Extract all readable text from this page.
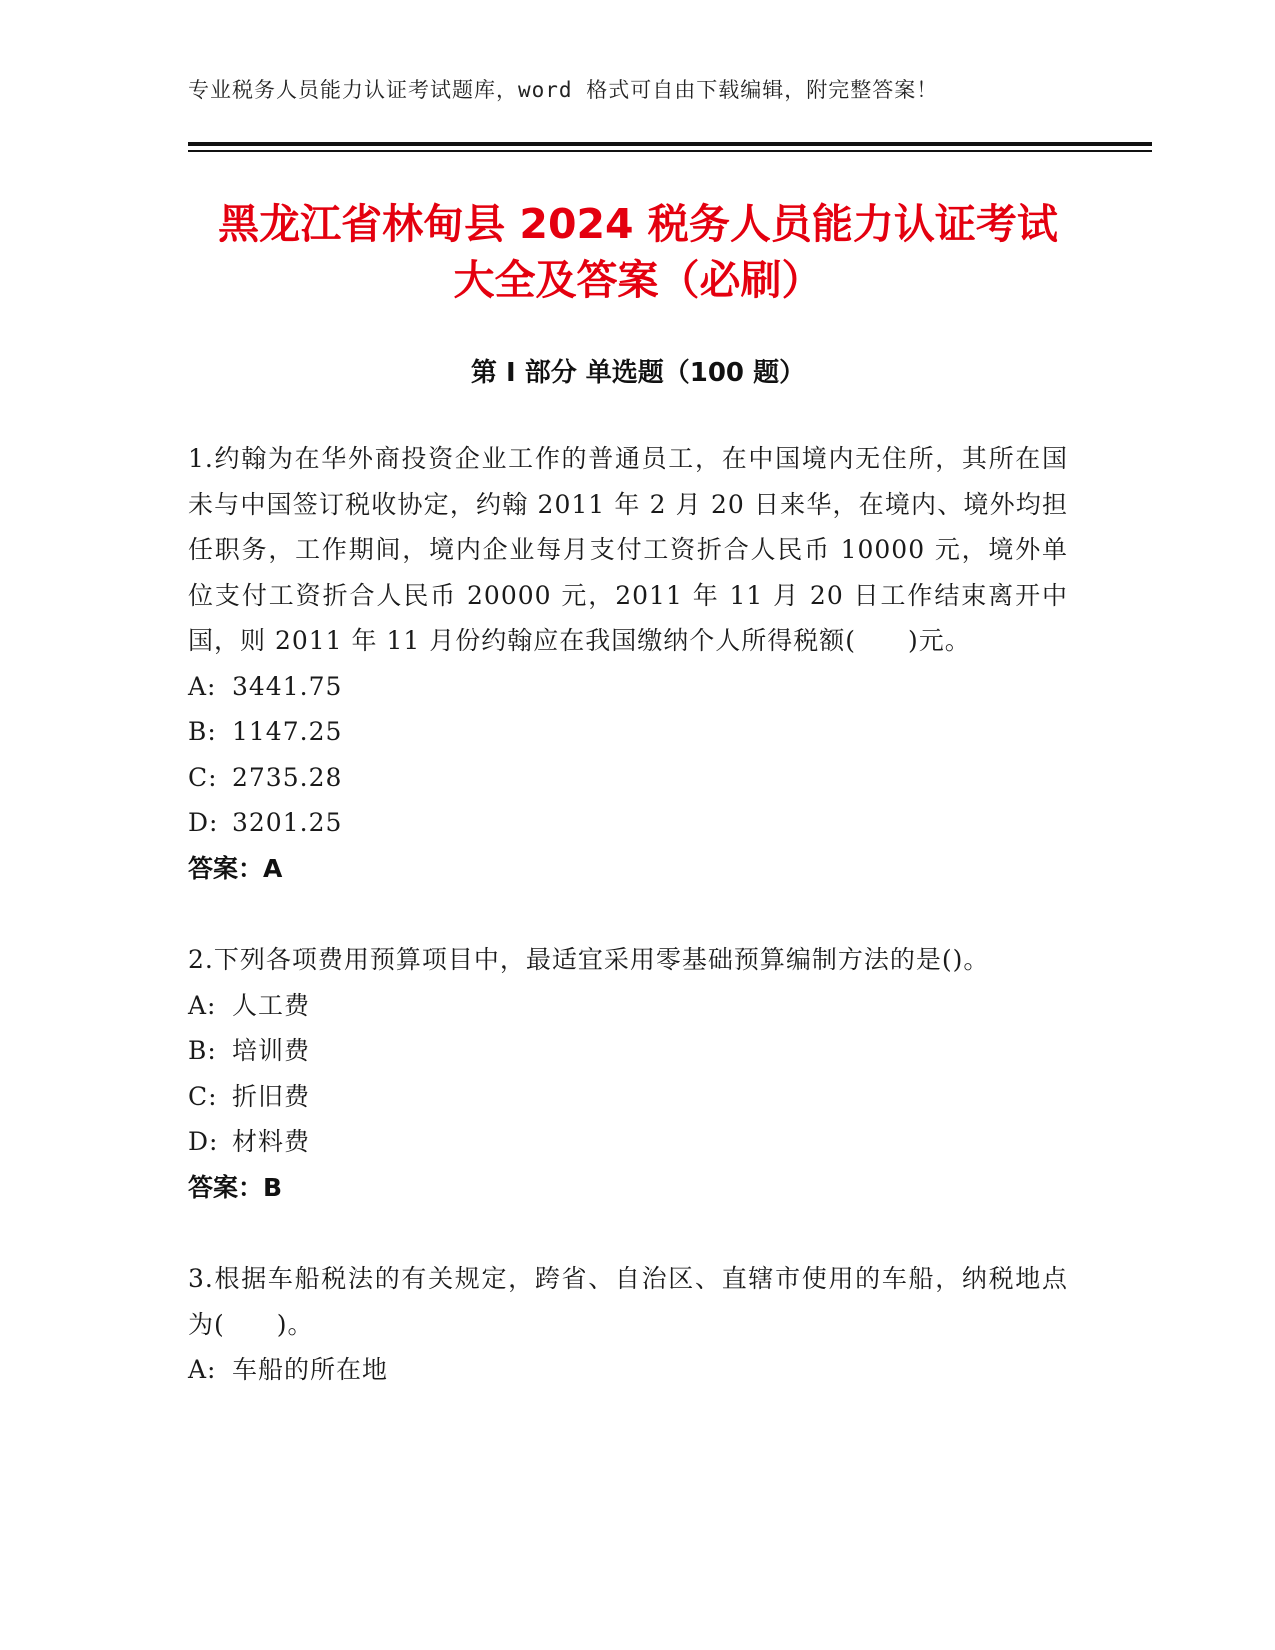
专业税务人员能力认证考试题库，word 格式可自由下载编辑，附完整答案！
黑龙江省林甸县 2024 税务人员能力认证考试
大全及答案（必刷）
第 I 部分 单选题（100 题）
1.约翰为在华外商投资企业工作的普通员工，在中国境内无住所，其所在国未与中国签订税收协定，约翰 2011 年 2 月 20 日来华，在境内、境外均担任职务，工作期间，境内企业每月支付工资折合人民币 10000 元，境外单位支付工资折合人民币 20000 元，2011 年 11 月 20 日工作结束离开中国，则 2011 年 11 月份约翰应在我国缴纳个人所得税额(　　)元。
A: 3441.75
B: 1147.25
C: 2735.28
D: 3201.25
答案：A
2.下列各项费用预算项目中，最适宜采用零基础预算编制方法的是()。
A: 人工费
B: 培训费
C: 折旧费
D: 材料费
答案：B
3.根据车船税法的有关规定，跨省、自治区、直辖市使用的车船，纳税地点为(　　)。
A: 车船的所在地
